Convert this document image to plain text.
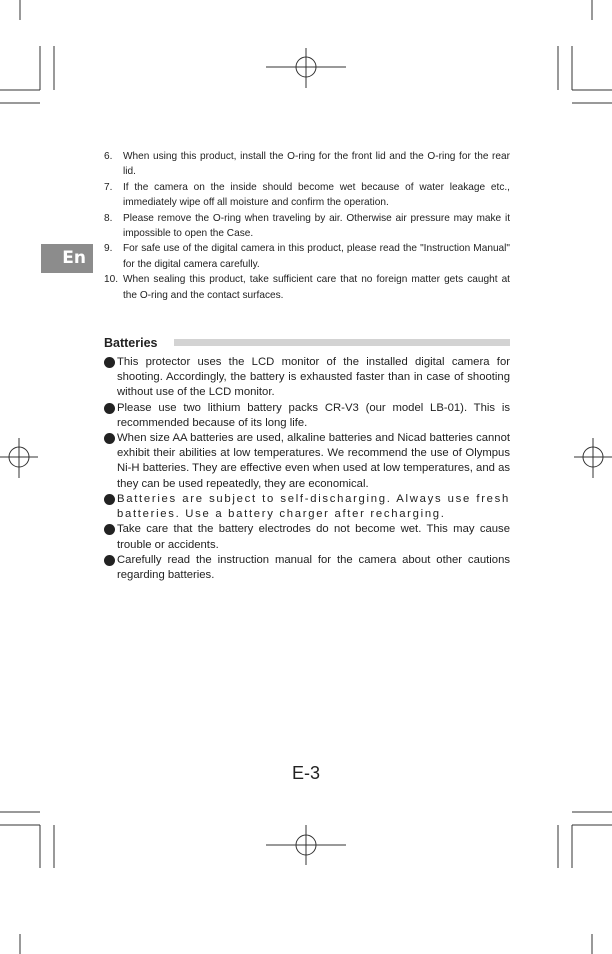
En
6. When using this product, install the O-ring for the front lid and the O-ring for the rear lid.
7. If the camera on the inside should become wet because of water leakage etc., immediately wipe off all moisture and confirm the operation.
8. Please remove the O-ring when traveling by air. Otherwise air pressure may make it impossible to open the Case.
9. For safe use of the digital camera in this product, please read the "Instruction Manual" for the digital camera carefully.
10. When sealing this product, take sufficient care that no foreign matter gets caught at the O-ring and the contact surfaces.
Batteries
This protector uses the LCD monitor of the installed digital camera for shooting. Accordingly, the battery is exhausted faster than in case of shooting without use of the LCD monitor.
Please use two lithium battery packs CR-V3 (our model LB-01). This is recommended because of its long life.
When size AA batteries are used, alkaline batteries and Nicad batteries cannot exhibit their abilities at low temperatures. We recommend the use of Olympus Ni-H batteries. They are effective even when used at low temperatures, and as they can be used repeatedly, they are economical.
Batteries are subject to self-discharging. Always use fresh batteries. Use a battery charger after recharging.
Take care that the battery electrodes do not become wet. This may cause trouble or accidents.
Carefully read the instruction manual for the camera about other cautions regarding batteries.
E-3
